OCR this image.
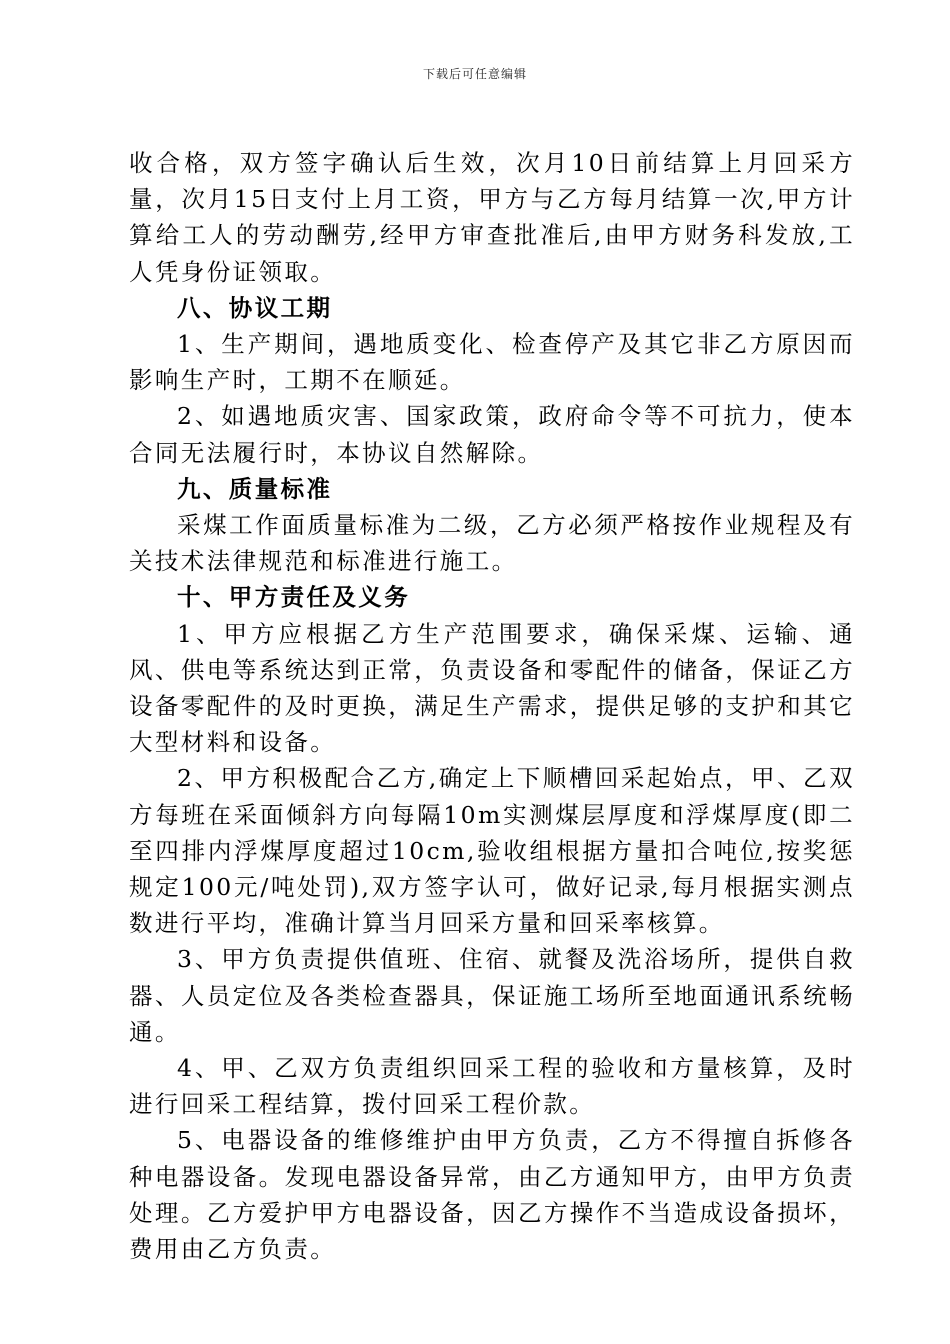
下载后可任意编辑

收合格，双方签字确认后生效，次月10日前结算上月回采方量，次月15日支付上月工资，甲方与乙方每月结算一次,甲方计算给工人的劳动酬劳,经甲方审查批准后,由甲方财务科发放,工人凭身份证领取。

八、协议工期

1、生产期间，遇地质变化、检查停产及其它非乙方原因而影响生产时，工期不在顺延。

2、如遇地质灾害、国家政策，政府命令等不可抗力，使本合同无法履行时，本协议自然解除。

九、质量标准

采煤工作面质量标准为二级，乙方必须严格按作业规程及有关技术法律规范和标准进行施工。

十、甲方责任及义务

1、甲方应根据乙方生产范围要求，确保采煤、运输、通风、供电等系统达到正常，负责设备和零配件的储备，保证乙方设备零配件的及时更换，满足生产需求，提供足够的支护和其它大型材料和设备。

2、甲方积极配合乙方,确定上下顺槽回采起始点，甲、乙双方每班在采面倾斜方向每隔10m实测煤层厚度和浮煤厚度(即二至四排内浮煤厚度超过10cm,验收组根据方量扣合吨位,按奖惩规定100元/吨处罚),双方签字认可，做好记录,每月根据实测点数进行平均，准确计算当月回采方量和回采率核算。

3、甲方负责提供值班、住宿、就餐及洗浴场所，提供自救器、人员定位及各类检查器具，保证施工场所至地面通讯系统畅通。

4、甲、乙双方负责组织回采工程的验收和方量核算，及时进行回采工程结算，拨付回采工程价款。

5、电器设备的维修维护由甲方负责，乙方不得擅自拆修各种电器设备。发现电器设备异常，由乙方通知甲方，由甲方负责处理。乙方爱护甲方电器设备，因乙方操作不当造成设备损坏，费用由乙方负责。
